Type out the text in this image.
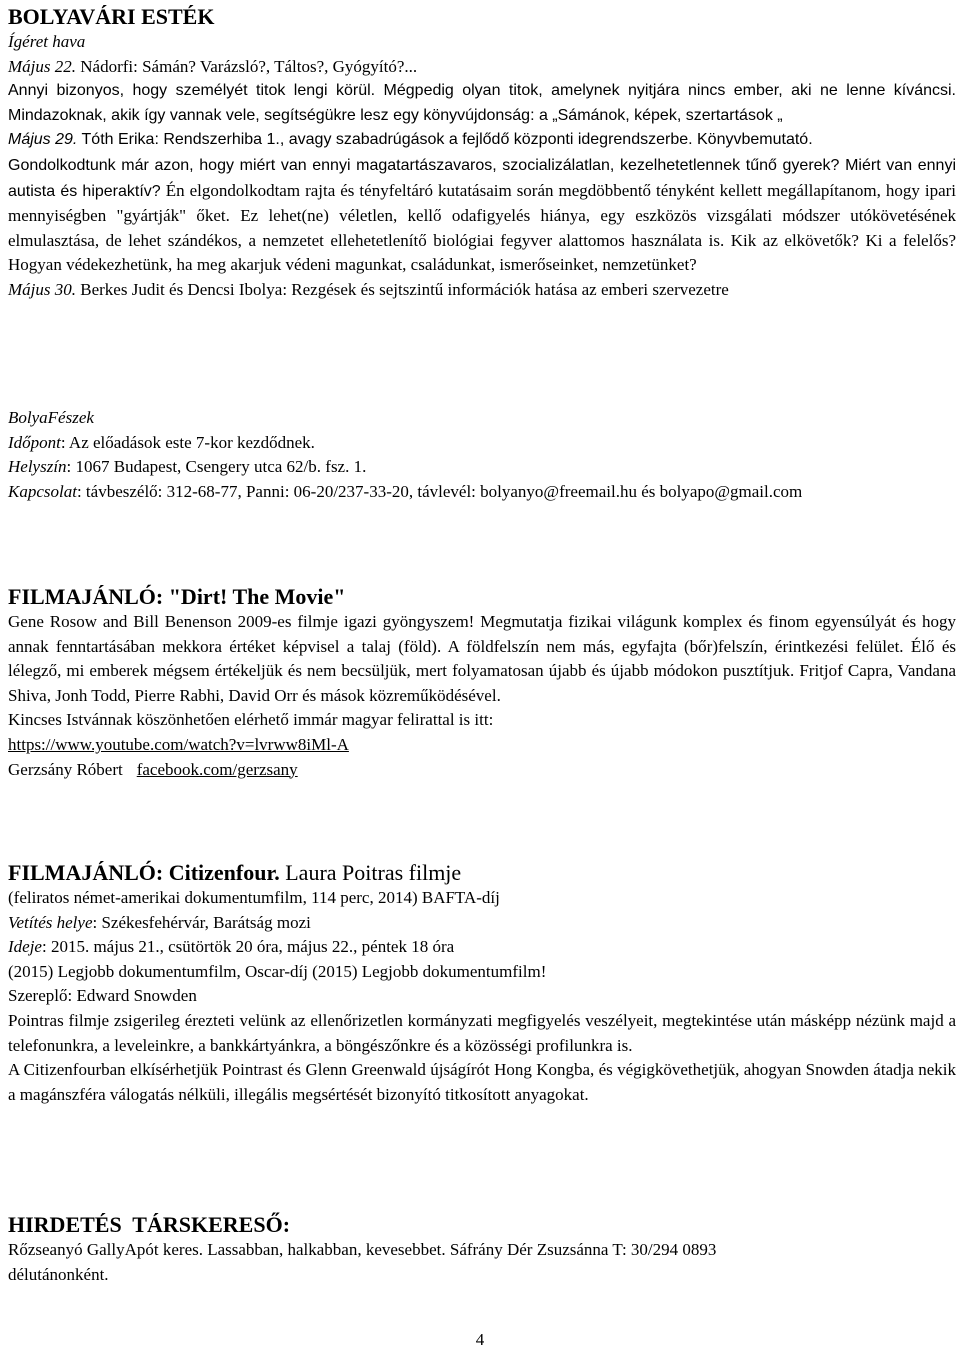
BOLYAVÁRI ESTÉK

Ígéret hava

Május 22. Nádorfi: Sámán? Varázsló?, Táltos?, Gyógyító?...

Annyi bizonyos, hogy személyét titok lengi körül. Mégpedig olyan titok, amelynek nyitjára nincs ember, aki ne lenne kíváncsi. Mindazoknak, akik így vannak vele, segítségükre lesz egy könyvújdonság: a „Sámánok, képek, szertartások „

Május 29. Tóth Erika: Rendszerhiba 1., avagy szabadrúgások a fejlődő központi idegrendszerbe. Könyvbemutató.

Gondolkodtunk már azon, hogy miért van ennyi magatartászavaros, szocializálatlan, kezelhetetlennek tűnő gyerek? Miért van ennyi autista és hiperaktív? Én elgondolkodtam rajta és tényfeltáró kutatásaim során megdöbbentő tényként kellett megállapítanom, hogy ipari mennyiségben "gyártják" őket. Ez lehet(ne) véletlen, kellő odafigyelés hiánya, egy eszközös vizsgálati módszer utókövetésének elmulasztása, de lehet szándékos, a nemzetet ellehetetlenítő biológiai fegyver alattomos használata is. Kik az elkövetők? Ki a felelős? Hogyan védekezhetünk, ha meg akarjuk védeni magunkat, családunkat, ismerőseinket, nemzetünket?

Május 30. Berkes Judit és Dencsi Ibolya: Rezgések és sejtszintű információk hatása az emberi szervezetre

BolyaFészek

Időpont: Az előadások este 7-kor kezdődnek.

Helyszín: 1067 Budapest, Csengery utca 62/b. fsz. 1.

Kapcsolat: távbeszélő: 312-68-77, Panni: 06-20/237-33-20, távlevél: bolyanyo@freemail.hu és bolyapo@gmail.com

FILMAJÁNLÓ: "Dirt! The Movie"

Gene Rosow and Bill Benenson 2009-es filmje igazi gyöngyszem! Megmutatja fizikai világunk komplex és finom egyensúlyát és hogy annak fenntartásában mekkora értéket képvisel a talaj (föld). A földfelszín nem más, egyfajta (bőr)felszín, érintkezési felület. Élő és lélegző, mi emberek mégsem értékeljük és nem becsüljük, mert folyamatosan újabb és újabb módokon pusztítjuk. Fritjof Capra, Vandana Shiva, Jonh Todd, Pierre Rabhi, David Orr és mások közreműködésével.

Kincses Istvánnak köszönhetően elérhető immár magyar felirattal is itt:

https://www.youtube.com/watch?v=lvrww8iMl-A

Gerzsány Róbert facebook.com/gerzsany

FILMAJÁNLÓ: Citizenfour. Laura Poitras filmje

(feliratos német-amerikai dokumentumfilm, 114 perc, 2014) BAFTA-díj

Vetítés helye: Székesfehérvár, Barátság mozi

Ideje: 2015. május 21., csütörtök 20 óra, május 22., péntek 18 óra

(2015) Legjobb dokumentumfilm, Oscar-díj (2015) Legjobb dokumentumfilm!

Szereplő: Edward Snowden

Pointras filmje zsigerileg érezteti velünk az ellenőrizetlen kormányzati megfigyelés veszélyeit, megtekintése után másképp nézünk majd a telefonunkra, a leveleinkre, a bankkártyánkra, a böngészőnkre és a közösségi profilunkra is.

A Citizenfourban elkísérhetjük Pointrast és Glenn Greenwald újságírót Hong Kongba, és végigkövethetjük, ahogyan Snowden átadja nekik a magánszféra válogatás nélküli, illegális megsértését bizonyító titkosított anyagokat.

HIRDETÉS  TÁRSKERESŐ:

Rőzseanyó GallyApót keres. Lassabban, halkabban, kevesebbet. Sáfrány Dér Zsuzsánna T: 30/294 0893

délutánonként.

4
